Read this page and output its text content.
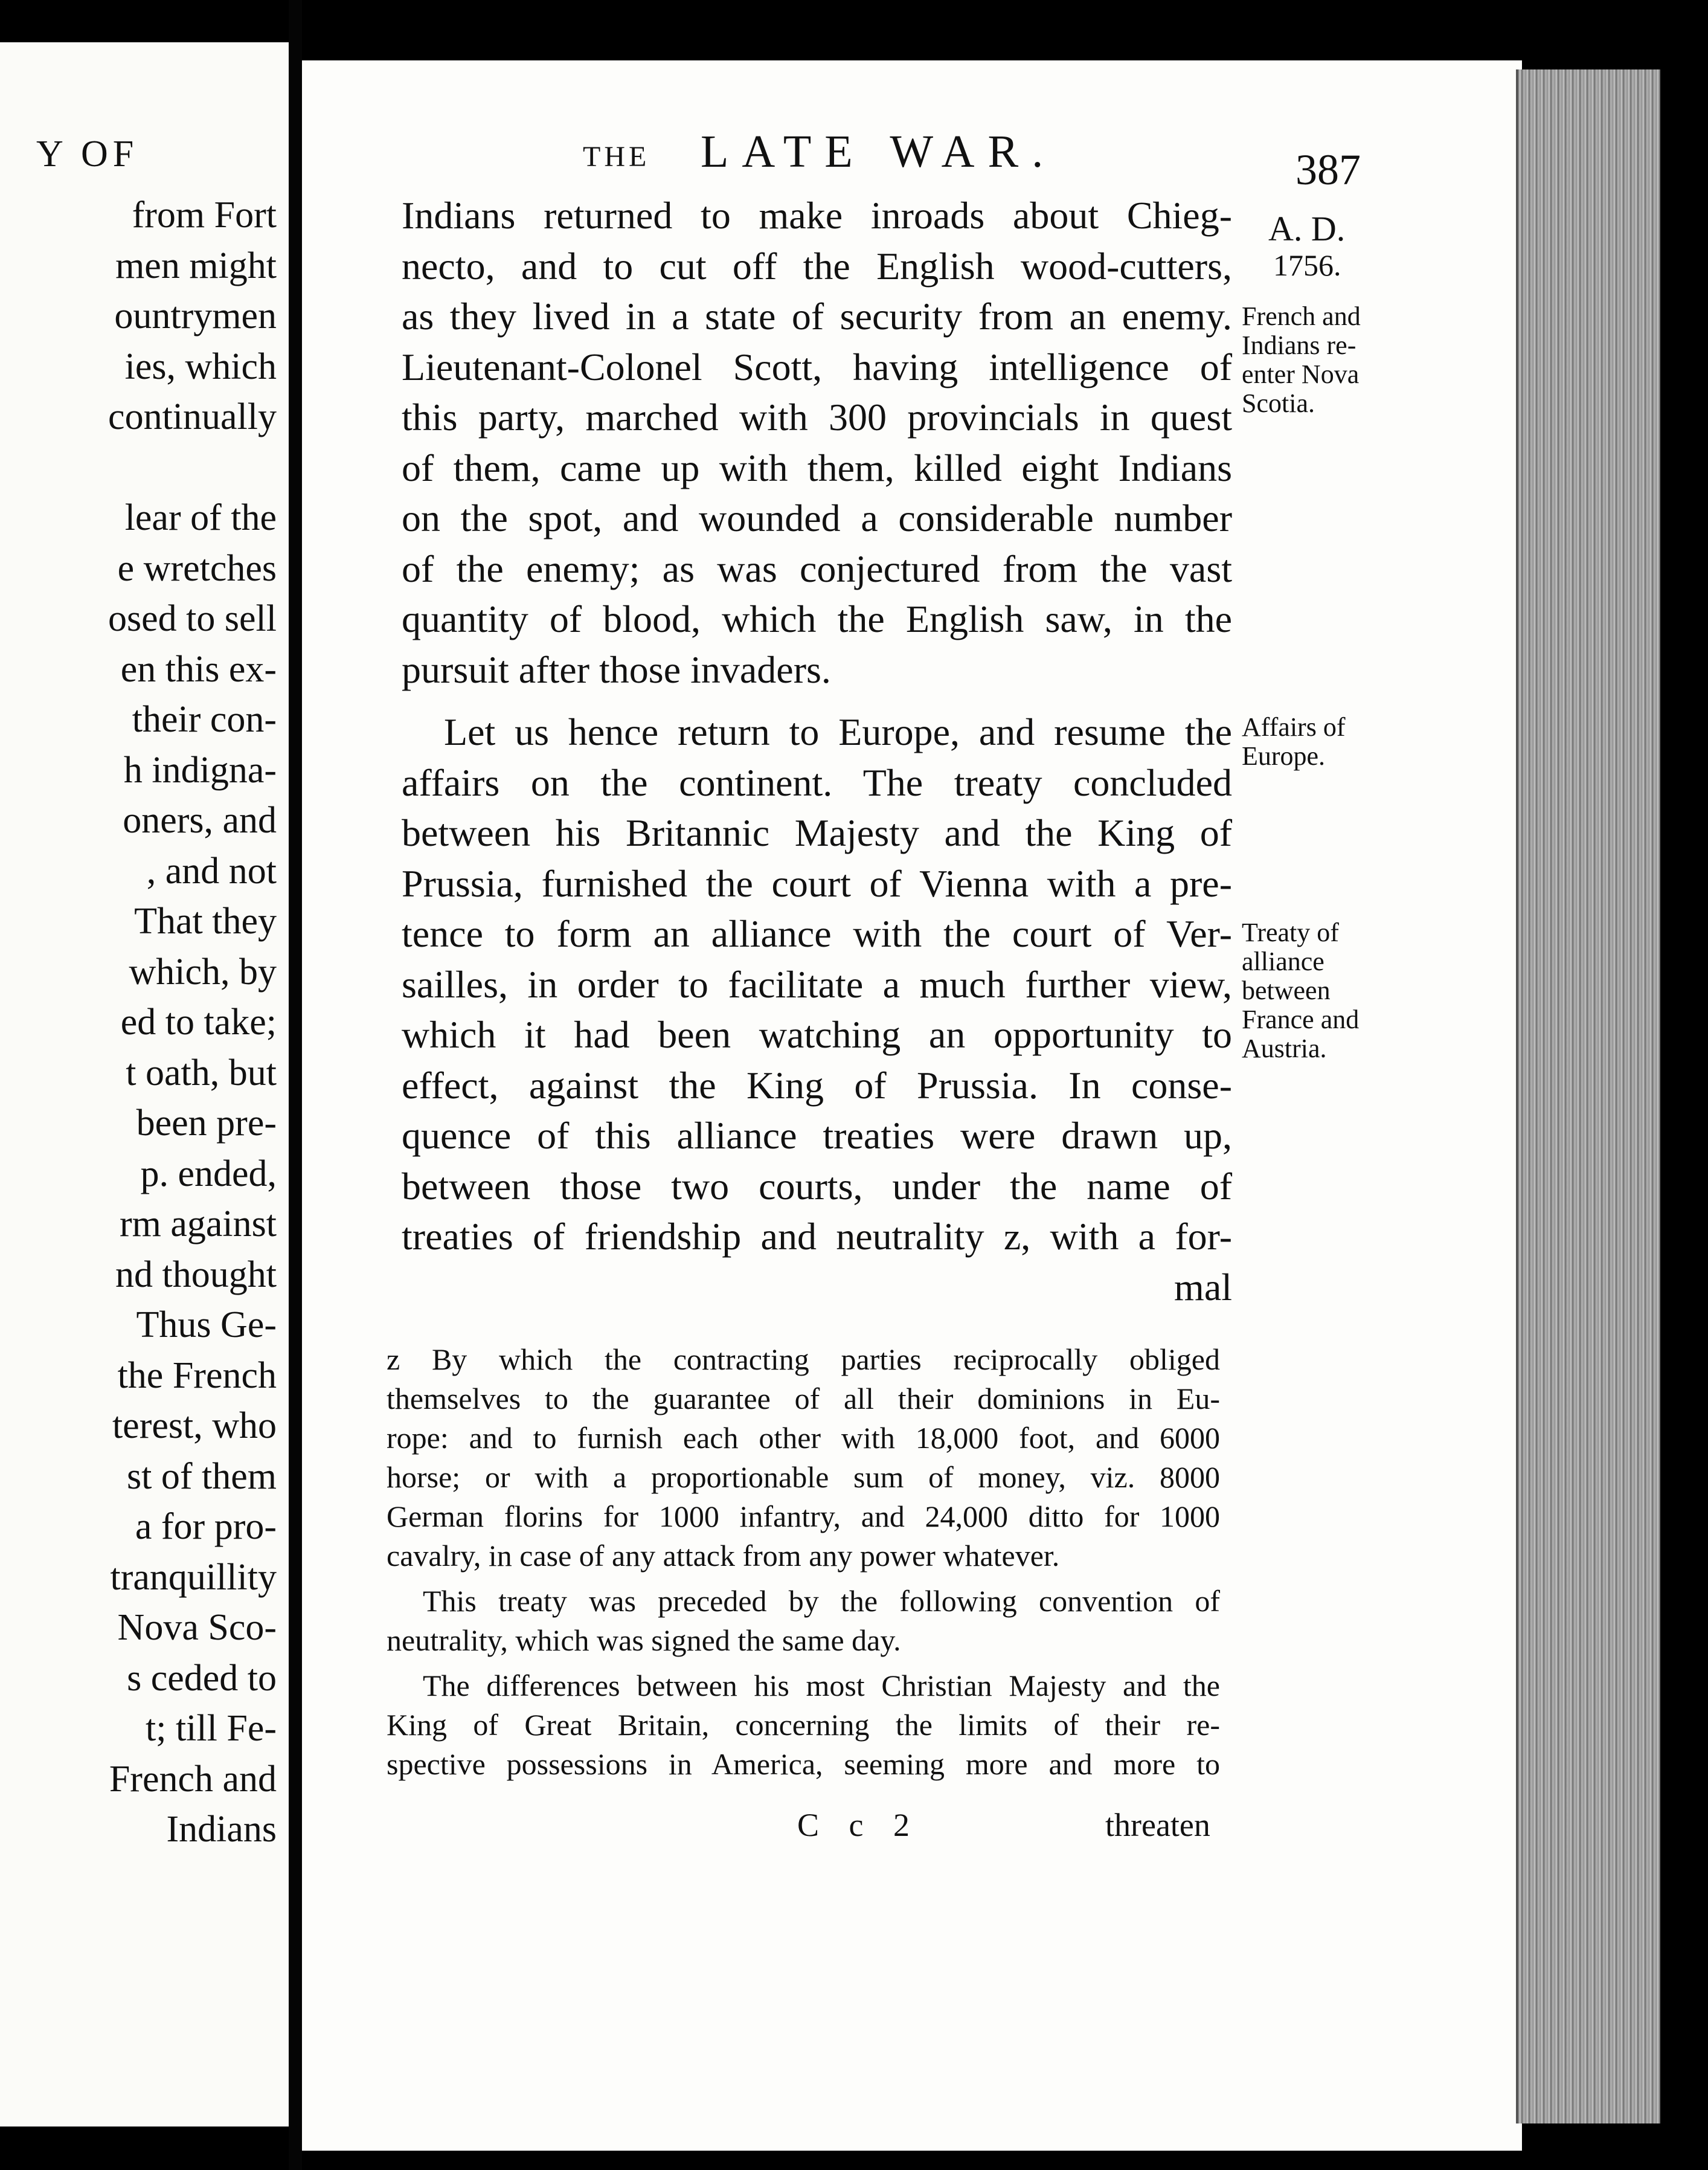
Y OF
from Fort
men might
ountrymen
ies, which
continually
lear of the
e wretches
osed to sell
en this ex-
their con-
h indigna-
oners, and
, and not
That they
which, by
ed to take;
t oath, but
been pre-
p. ended,
rm against
nd thought
Thus Ge-
the French
terest, who
st of them
a for pro-
tranquillity
Nova Sco-
s ceded to
t; till Fe-
French and
Indians
THE LATE WAR.	387
A. D.
1756.
French and
Indians re-
enter Nova
Scotia.
Affairs of
Europe.
Treaty of
alliance
between
France and
Austria.
Indians returned to make inroads about Chieg-
necto, and to cut off the English wood-cutters,
as they lived in a state of security from an enemy.
Lieutenant-Colonel Scott, having intelligence of
this party, marched with 300 provincials in quest
of them, came up with them, killed eight Indians
on the spot, and wounded a considerable number
of the enemy; as was conjectured from the vast
quantity of blood, which the English saw, in the
pursuit after those invaders.
Let us hence return to Europe, and resume the
affairs on the continent. The treaty concluded
between his Britannic Majesty and the King of
Prussia, furnished the court of Vienna with a pre-
tence to form an alliance with the court of Ver-
sailles, in order to facilitate a much further view,
which it had been watching an opportunity to
effect, against the King of Prussia. In conse-
quence of this alliance treaties were drawn up,
between those two courts, under the name of
treaties of friendship and neutrality z, with a for-
mal
z By which the contracting parties reciprocally obliged
themselves to the guarantee of all their dominions in Eu-
rope: and to furnish each other with 18,000 foot, and 6000
horse; or with a proportionable sum of money, viz. 8000
German florins for 1000 infantry, and 24,000 ditto for 1000
cavalry, in case of any attack from any power whatever.
This treaty was preceded by the following convention of
neutrality, which was signed the same day.
The differences between his most Christian Majesty and the
King of Great Britain, concerning the limits of their re-
spective possessions in America, seeming more and more to
C c 2	threaten
